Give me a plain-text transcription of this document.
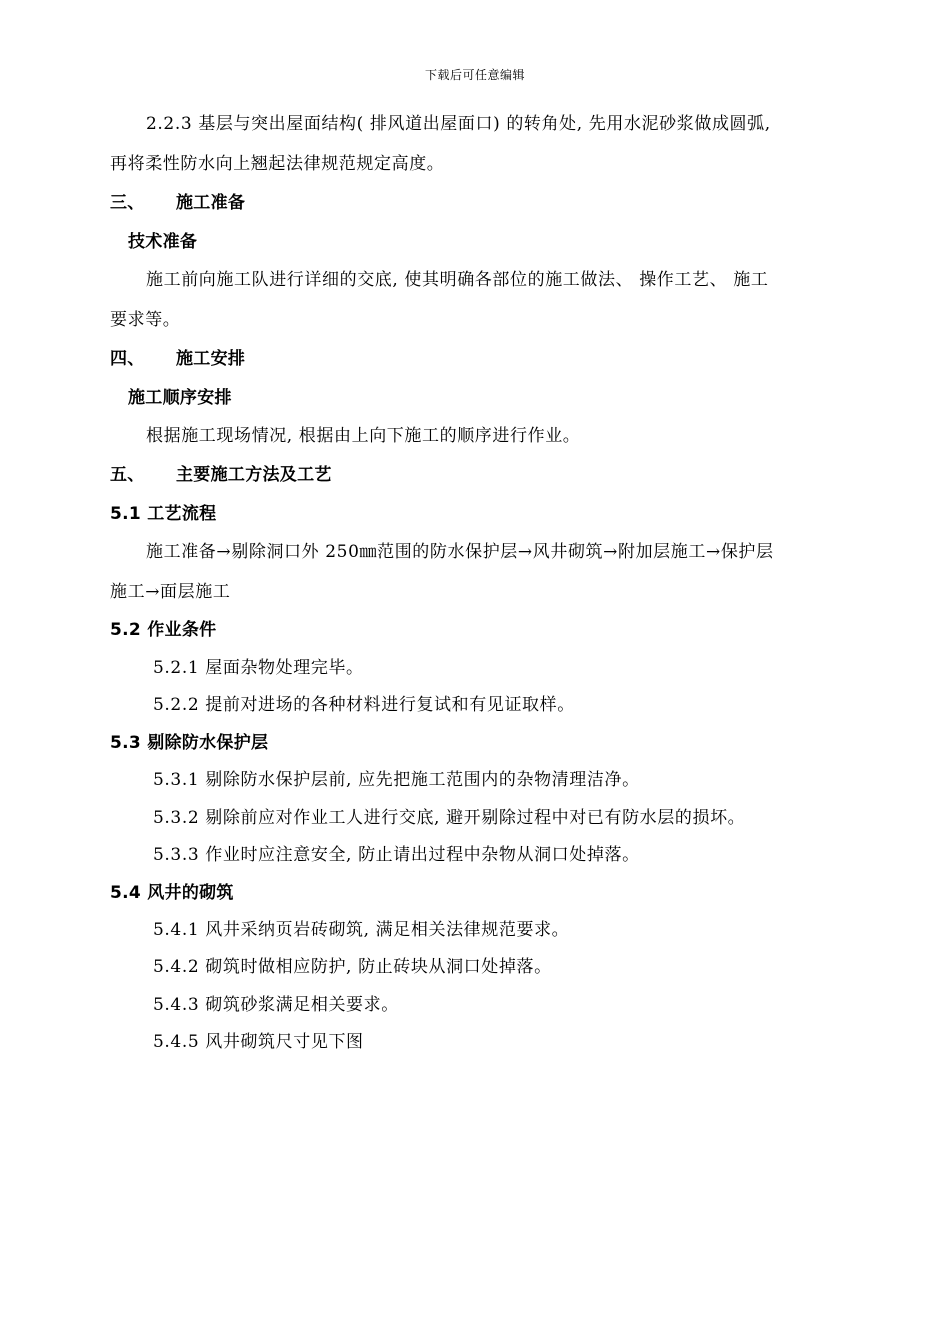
下载后可任意编辑
2.2.3 基层与突出屋面结构( 排风道出屋面口) 的转角处, 先用水泥砂浆做成圆弧,
再将柔性防水向上翘起法律规范规定高度。
三、 施工准备
技术准备
施工前向施工队进行详细的交底, 使其明确各部位的施工做法、 操作工艺、 施工
要求等。
四、 施工安排
施工顺序安排
根据施工现场情况, 根据由上向下施工的顺序进行作业。
五、 主要施工方法及工艺
5.1 工艺流程
施工准备→剔除洞口外 250㎜范围的防水保护层→风井砌筑→附加层施工→保护层
施工→面层施工
5.2 作业条件
5.2.1 屋面杂物处理完毕。
5.2.2 提前对进场的各种材料进行复试和有见证取样。
5.3 剔除防水保护层
5.3.1 剔除防水保护层前, 应先把施工范围内的杂物清理洁净。
5.3.2 剔除前应对作业工人进行交底, 避开剔除过程中对已有防水层的损坏。
5.3.3 作业时应注意安全, 防止请出过程中杂物从洞口处掉落。
5.4 风井的砌筑
5.4.1 风井采纳页岩砖砌筑, 满足相关法律规范要求。
5.4.2 砌筑时做相应防护, 防止砖块从洞口处掉落。
5.4.3 砌筑砂浆满足相关要求。
5.4.5 风井砌筑尺寸见下图
